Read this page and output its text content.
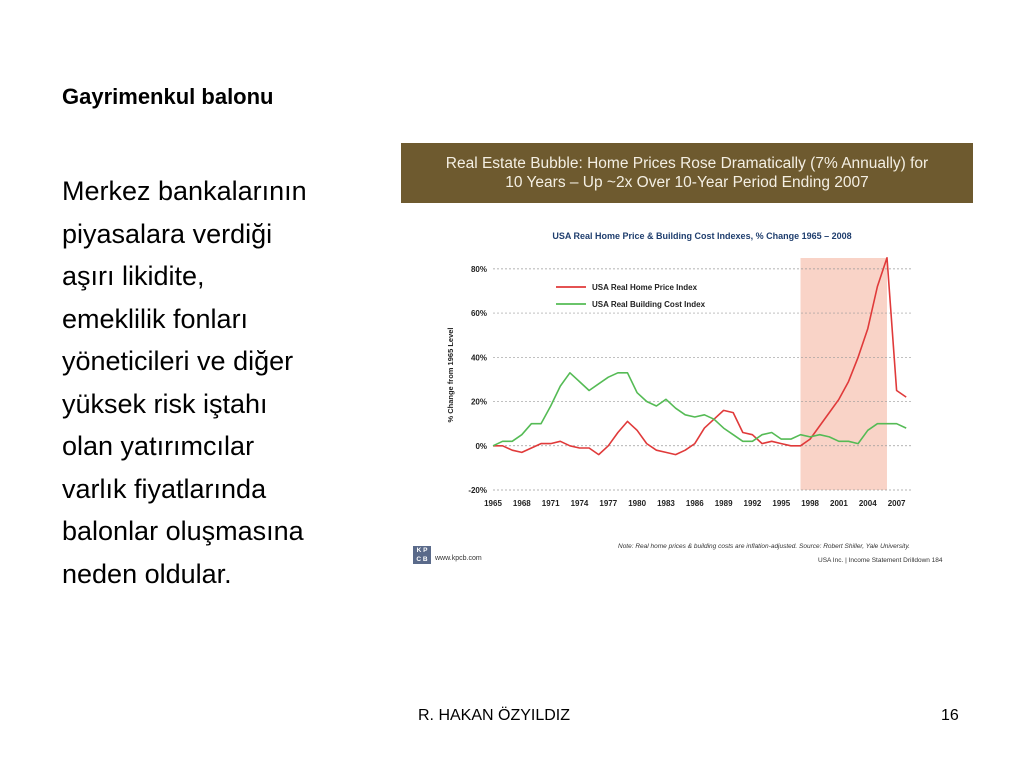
Gayrimenkul balonu
Merkez bankalarının
piyasalara verdiği
aşırı likidite,
emeklilik fonları
yöneticileri ve diğer
yüksek risk iştahı
olan yatırımcılar
varlık fiyatlarında
balonlar oluşmasına
neden oldular.
Real Estate Bubble: Home Prices Rose Dramatically (7% Annually) for
10 Years – Up ~2x Over 10-Year Period Ending 2007
-20%
0%
20%
40%
60%
80%
1965 1968 1971 1974 1977 1980 1983 1986 1989 1992 1995 1998 2001 2004 2007
USA Real Home Price & Building Cost Indexes, % Change 1965 – 2008
% Change from 1965 Level
USA Real Home Price Index
USA Real Building Cost Index
K P
C B	www.kpcb.com
Note: Real home prices & building costs are inflation-adjusted. Source: Robert Shiller, Yale University.
USA Inc. | Income Statement Drilldown 184
R. HAKAN ÖZYILDIZ	16
